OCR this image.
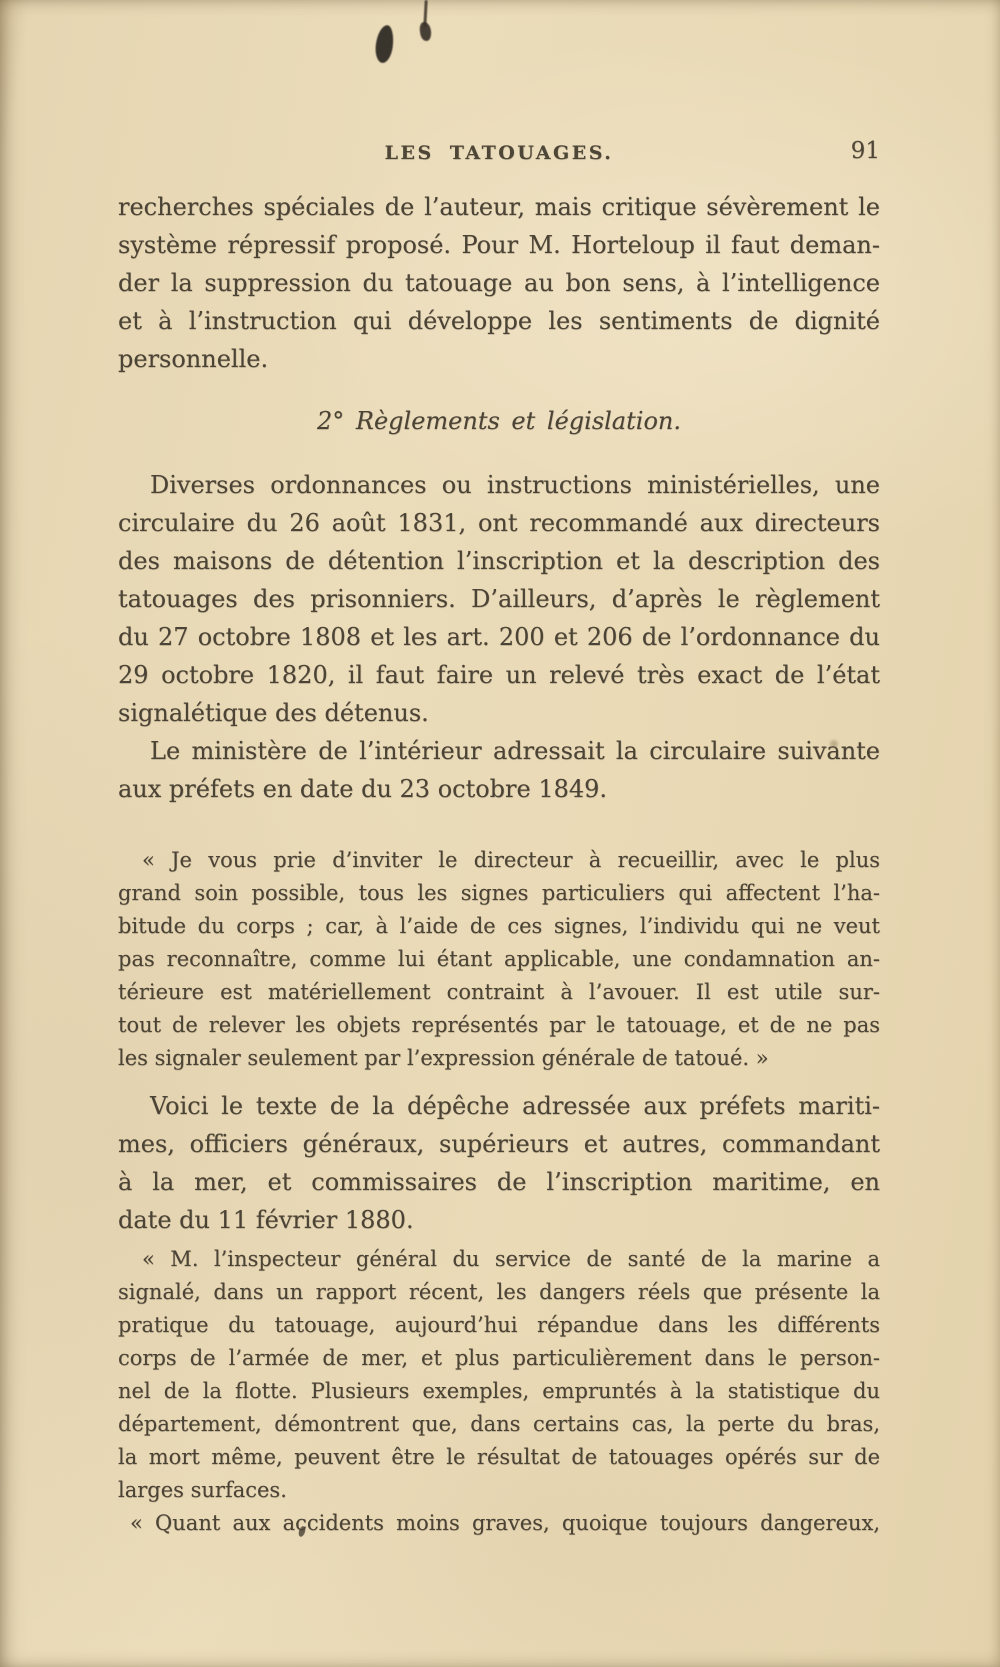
LES TATOUAGES.	91
recherches spéciales de l’auteur, mais critique sévèrement le
système répressif proposé. Pour M. Horteloup il faut deman-
der la suppression du tatouage au bon sens, à l’intelligence
et à l’instruction qui développe les sentiments de dignité
personnelle.
2° Règlements et législation.
Diverses ordonnances ou instructions ministérielles, une
circulaire du 26 août 1831, ont recommandé aux directeurs
des maisons de détention l’inscription et la description des
tatouages des prisonniers. D’ailleurs, d’après le règlement
du 27 octobre 1808 et les art. 200 et 206 de l’ordonnance du
29 octobre 1820, il faut faire un relevé très exact de l’état
signalétique des détenus.
Le ministère de l’intérieur adressait la circulaire suivante
aux préfets en date du 23 octobre 1849.
« Je vous prie d’inviter le directeur à recueillir, avec le plus
grand soin possible, tous les signes particuliers qui affectent l’ha-
bitude du corps ; car, à l’aide de ces signes, l’individu qui ne veut
pas reconnaître, comme lui étant applicable, une condamnation an-
térieure est matériellement contraint à l’avouer. Il est utile sur-
tout de relever les objets représentés par le tatouage, et de ne pas
les signaler seulement par l’expression générale de tatoué. »
Voici le texte de la dépêche adressée aux préfets mariti-
mes, officiers généraux, supérieurs et autres, commandant
à la mer, et commissaires de l’inscription maritime, en
date du 11 février 1880.
« M. l’inspecteur général du service de santé de la marine a
signalé, dans un rapport récent, les dangers réels que présente la
pratique du tatouage, aujourd’hui répandue dans les différents
corps de l’armée de mer, et plus particulièrement dans le person-
nel de la flotte. Plusieurs exemples, empruntés à la statistique du
département, démontrent que, dans certains cas, la perte du bras,
la mort même, peuvent être le résultat de tatouages opérés sur de
larges surfaces.
« Quant aux accidents moins graves, quoique toujours dangereux,
